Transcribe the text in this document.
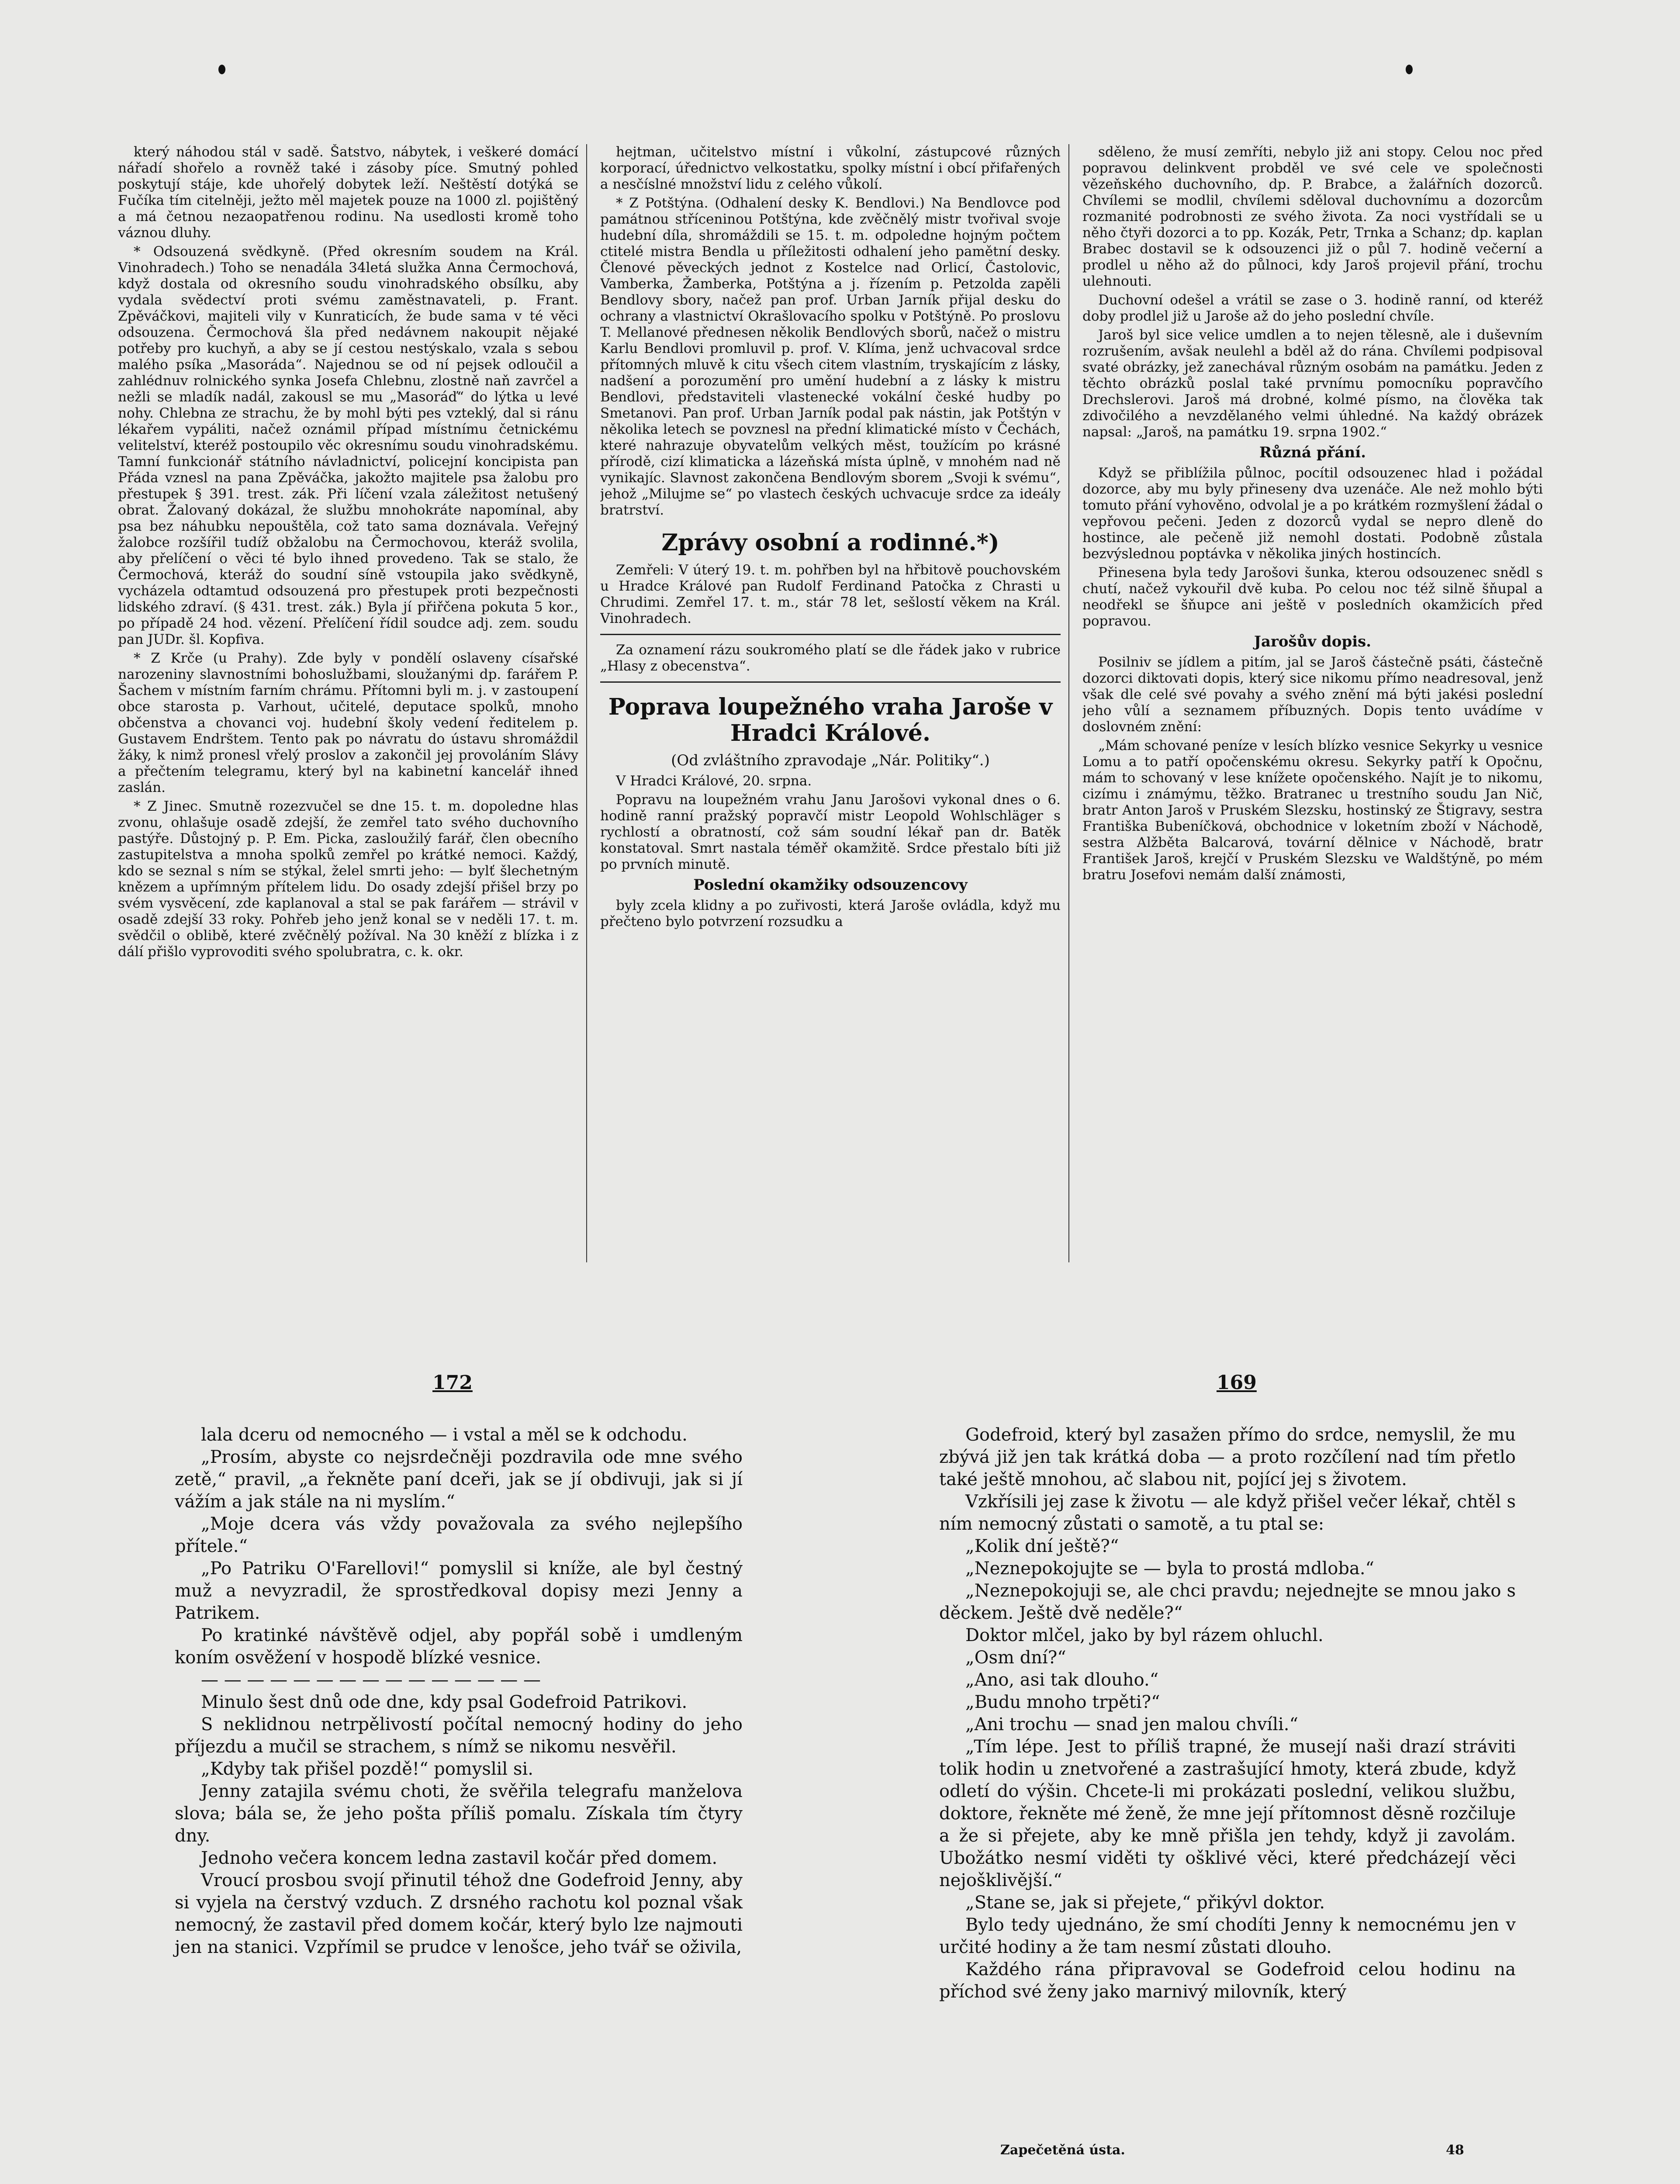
který náhodou stál v sadě. Šatstvo, nábytek, i veškeré domácí nářadí shořelo a rovněž také i zásoby píce. Smutný pohled poskytují stáje, kde uhořelý dobytek leží. Neštěstí dotýká se Fučíka tím citelněji, ježto měl majetek pouze na 1000 zl. pojištěný a má četnou nezaopatřenou rodinu. Na usedlosti kromě toho váznou dluhy.

* Odsouzená svědkyně. (Před okresním soudem na Král. Vinohradech.) Toho se nenadála 34letá služka Anna Čermochová, když dostala od okresního soudu vinohradského obsílku, aby vydala svědectví proti svému zaměstnavateli, p. Frant. Zpěváčkovi, majiteli vily v Kunraticích, že bude sama v té věci odsouzena. Čermochová šla před nedávnem nakoupit nějaké potřeby pro kuchyň, a aby se jí cestou nestýskalo, vzala s sebou malého psíka „Masoráda“. Najednou se od ní pejsek odloučil a zahlédnuv rolnického synka Josefa Chlebnu, zlostně naň zavrčel a nežli se mladík nadál, zakousl se mu „Masoráď“ do lýtka u levé nohy. Chlebna ze strachu, že by mohl býti pes vzteklý, dal si ránu lékařem vypáliti, načež oznámil případ místnímu četnickému velitelství, kteréž postoupilo věc okresnímu soudu vinohradskému. Tamní funkcionář státního návladnictví, policejní koncipista pan Přáda vznesl na pana Zpěváčka, jakožto majitele psa žalobu pro přestupek § 391. trest. zák. Při líčení vzala záležitost netušený obrat. Žalovaný dokázal, že službu mnohokráte napomínal, aby psa bez náhubku nepouštěla, což tato sama doznávala. Veřejný žalobce rozšířil tudíž obžalobu na Čermochovou, kteráž svolila, aby přelíčení o věci té bylo ihned provedeno. Tak se stalo, že Čermochová, kteráž do soudní síně vstoupila jako svědkyně, vycházela odtamtud odsouzená pro přestupek proti bezpečnosti lidského zdraví. (§ 431. trest. zák.) Byla jí přiřčena pokuta 5 kor., po případě 24 hod. vězení. Přelíčení řídil soudce adj. zem. soudu pan JUDr. šl. Kopfiva.

* Z Krče (u Prahy). Zde byly v pondělí oslaveny císařské narozeniny slavnostními bohoslužbami, sloužanými dp. farářem P. Šachem v místním farním chrámu. Přítomni byli m. j. v zastoupení obce starosta p. Varhout, učitelé, deputace spolků, mnoho občenstva a chovanci voj. hudební školy vedení ředitelem p. Gustavem Endrštem. Tento pak po návratu do ústavu shromáždil žáky, k nimž pronesl vřelý proslov a zakončil jej provoláním Slávy a přečtením telegramu, který byl na kabinetní kancelář ihned zaslán.

* Z Jinec. Smutně rozezvučel se dne 15. t. m. dopoledne hlas zvonu, ohlašuje osadě zdejší, že zemřel tato svého duchovního pastýře. Důstojný p. P. Em. Picka, zasloužilý farář, člen obecního zastupitelstva a mnoha spolků zemřel po krátké nemoci. Každý, kdo se seznal s ním se stýkal, želel smrti jeho: — bylť šlechetným knězem a upřímným přítelem lidu. Do osady zdejší přišel brzy po svém vysvěcení, zde kaplanoval a stal se pak farářem — strávil v osadě zdejší 33 roky. Pohřeb jeho jenž konal se v neděli 17. t. m. svědčil o oblibě, které zvěčnělý požíval. Na 30 kněží z blízka i z dálí přišlo vyprovoditi svého spolubratra, c. k. okr.

hejtman, učitelstvo místní i vůkolní, zástupcové různých korporací, úřednictvo velkostatku, spolky místní i obcí přifařených a nesčíslné množství lidu z celého vůkolí.

* Z Potštýna. (Odhalení desky K. Bendlovi.) Na Bendlovce pod památnou stříceninou Potštýna, kde zvěčnělý mistr tvořival svoje hudební díla, shromáždili se 15. t. m. odpoledne hojným počtem ctitelé mistra Bendla u příležitosti odhalení jeho pamětní desky. Členové pěveckých jednot z Kostelce nad Orlicí, Častolovic, Vamberka, Žamberka, Potštýna a j. řízením p. Petzolda zapěli Bendlovy sbory, načež pan prof. Urban Jarník přijal desku do ochrany a vlastnictví Okrašlovacího spolku v Potštýně. Po proslovu T. Mellanové přednesen několik Bendlových sborů, načež o mistru Karlu Bendlovi promluvil p. prof. V. Klíma, jenž uchvacoval srdce přítomných mluvě k citu všech citem vlastním, tryskajícím z lásky, nadšení a porozumění pro umění hudební a z lásky k mistru Bendlovi, představiteli vlastenecké vokální české hudby po Smetanovi. Pan prof. Urban Jarník podal pak nástin, jak Potštýn v několika letech se povznesl na přední klimatické místo v Čechách, které nahrazuje obyvatelům velkých měst, toužícím po krásné přírodě, cizí klimaticka a lázeňská místa úplně, v mnohém nad ně vynikajíc. Slavnost zakončena Bendlovým sborem „Svoji k svému“, jehož „Milujme se“ po vlastech českých uchvacuje srdce za ideály bratrství.

Zprávy osobní a rodinné.*)

Zemřeli: V úterý 19. t. m. pohřben byl na hřbitově pouchovském u Hradce Králové pan Rudolf Ferdinand Patočka z Chrasti u Chrudimi. Zemřel 17. t. m., stár 78 let, sešlostí věkem na Král. Vinohradech.

Za oznamení rázu soukromého platí se dle řádek jako v rubrice „Hlasy z obecenstva“.

Poprava loupežného vraha Jaroše v Hradci Králové.
(Od zvláštního zpravodaje „Nár. Politiky“.)

V Hradci Králové, 20. srpna.

Popravu na loupežném vrahu Janu Jarošovi vykonal dnes o 6. hodině ranní pražský popravčí mistr Leopold Wohlschläger s rychlostí a obratností, což sám soudní lékař pan dr. Batěk konstatoval. Smrt nastala téměř okamžitě. Srdce přestalo bíti již po prvních minutě.

Poslední okamžiky odsouzencovy

byly zcela klidny a po zuřivosti, která Jaroše ovládla, když mu přečteno bylo potvrzení rozsudku a

sděleno, že musí zemříti, nebylo již ani stopy. Celou noc před popravou delinkvent probděl ve své cele ve společnosti vězeňského duchovního, dp. P. Brabce, a žalářních dozorců. Chvílemi se modlil, chvílemi sděloval duchovnímu a dozorcům rozmanité podrobnosti ze svého života. Za noci vystřídali se u něho čtyři dozorci a to pp. Kozák, Petr, Trnka a Schanz; dp. kaplan Brabec dostavil se k odsouzenci již o půl 7. hodině večerní a prodlel u něho až do půlnoci, kdy Jaroš projevil přání, trochu ulehnouti.

Duchovní odešel a vrátil se zase o 3. hodině ranní, od kteréž doby prodlel již u Jaroše až do jeho poslední chvíle.

Jaroš byl sice velice umdlen a to nejen tělesně, ale i duševním rozrušením, avšak neulehl a bděl až do rána. Chvílemi podpisoval svaté obrázky, jež zanechával různým osobám na památku. Jeden z těchto obrázků poslal také prvnímu pomocníku popravčího Drechslerovi. Jaroš má drobné, kolmé písmo, na člověka tak zdivočilého a nevzdělaného velmi úhledné. Na každý obrázek napsal: „Jaroš, na památku 19. srpna 1902.“

Různá přání.

Když se přiblížila půlnoc, pocítil odsouzenec hlad i požádal dozorce, aby mu byly přineseny dva uzenáče. Ale než mohlo býti tomuto přání vyhověno, odvolal je a po krátkém rozmyšlení žádal o vepřovou pečeni. Jeden z dozorců vydal se nepro dleně do hostince, ale pečeně již nemohl dostati. Podobně zůstala bezvýslednou poptávka v několika jiných hostincích.

Přinesena byla tedy Jarošovi šunka, kterou odsouzenec snědl s chutí, načež vykouřil dvě kuba. Po celou noc též silně šňupal a neodřekl se šňupce ani ještě v posledních okamžicích před popravou.

Jarošův dopis.

Posilniv se jídlem a pitím, jal se Jaroš částečně psáti, částečně dozorci diktovati dopis, který sice nikomu přímo neadresoval, jenž však dle celé své povahy a svého znění má býti jakési poslední jeho vůlí a seznamem příbuzných. Dopis tento uvádíme v doslovném znění:

„Mám schované peníze v lesích blízko vesnice Sekyrky u vesnice Lomu a to patří opočenskému okresu. Sekyrky patří k Opočnu, mám to schovaný v lese knížete opočenského. Najít je to nikomu, cizímu i známýmu, těžko. Bratranec u trestního soudu Jan Nič, bratr Anton Jaroš v Pruském Slezsku, hostinský ze Štigravy, sestra Františka Bubeníčková, obchodnice v loketním zboží v Náchodě, sestra Alžběta Balcarová, tovární dělnice v Náchodě, bratr František Jaroš, krejčí v Pruském Slezsku ve Waldštýně, po mém bratru Josefovi nemám další známosti,

172	169

lala dceru od nemocného — i vstal a měl se k odchodu.

„Prosím, abyste co nejsrdečněji pozdravila ode mne svého zetě,“ pravil, „a řekněte paní dceři, jak se jí obdivuji, jak si jí vážím a jak stále na ni myslím.“

„Moje dcera vás vždy považovala za svého nejlepšího přítele.“

„Po Patriku O'Farellovi!“ pomyslil si kníže, ale byl čestný muž a nevyzradil, že sprostředkoval dopisy mezi Jenny a Patrikem.

Po kratinké návštěvě odjel, aby popřál sobě i umdleným koním osvěžení v hospodě blízké vesnice.

— — — — — — — — — — — — — — —

Minulo šest dnů ode dne, kdy psal Godefroid Patrikovi.

S neklidnou netrpělivostí počítal nemocný hodiny do jeho příjezdu a mučil se strachem, s nímž se nikomu nesvěřil.

„Kdyby tak přišel pozdě!“ pomyslil si.

Jenny zatajila svému choti, že svěřila telegrafu manželova slova; bála se, že jeho pošta příliš pomalu. Získala tím čtyry dny.

Jednoho večera koncem ledna zastavil kočár před domem.

Vroucí prosbou svojí přinutil téhož dne Godefroid Jenny, aby si vyjela na čerstvý vzduch. Z drsného rachotu kol poznal však nemocný, že zastavil před domem kočár, který bylo lze najmouti jen na stanici. Vzpřímil se prudce v lenošce, jeho tvář se oživila,

Godefroid, který byl zasažen přímo do srdce, nemyslil, že mu zbývá již jen tak krátká doba — a proto rozčílení nad tím přetlo také ještě mnohou, ač slabou nit, pojící jej s životem.

Vzkřísili jej zase k životu — ale když přišel večer lékař, chtěl s ním nemocný zůstati o samotě, a tu ptal se:

„Kolik dní ještě?“

„Neznepokojujte se — byla to prostá mdloba.“

„Neznepokojuji se, ale chci pravdu; nejednejte se mnou jako s děckem. Ještě dvě neděle?“

Doktor mlčel, jako by byl rázem ohluchl.

„Osm dní?“

„Ano, asi tak dlouho.“

„Budu mnoho trpěti?“

„Ani trochu — snad jen malou chvíli.“

„Tím lépe. Jest to příliš trapné, že musejí naši drazí stráviti tolik hodin u znetvořené a zastrašující hmoty, která zbude, když odletí do výšin. Chcete-li mi prokázati poslední, velikou službu, doktore, řekněte mé ženě, že mne její přítomnost děsně rozčiluje a že si přejete, aby ke mně přišla jen tehdy, když ji zavolám. Ubožátko nesmí viděti ty ošklivé věci, které předcházejí věci nejošklivější.“

„Stane se, jak si přejete,“ přikývl doktor.

Bylo tedy ujednáno, že smí chodíti Jenny k nemocnému jen v určité hodiny a že tam nesmí zůstati dlouho.

Každého rána připravoval se Godefroid celou hodinu na příchod své ženy jako marnivý milovník, který

Zapečetěná ústa.	48
